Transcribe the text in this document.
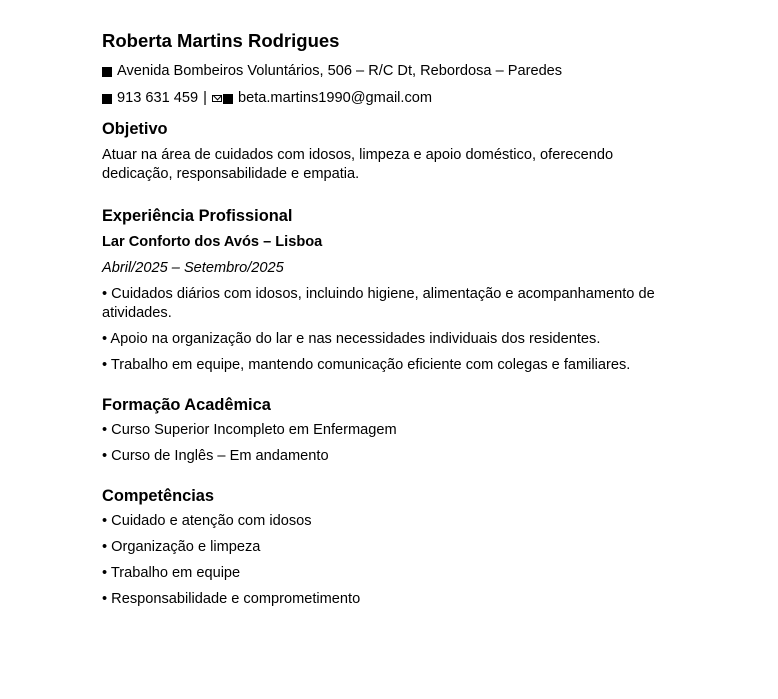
Roberta Martins Rodrigues
Avenida Bombeiros Voluntários, 506 – R/C Dt, Rebordosa – Paredes
913 631 459 | beta.martins1990@gmail.com
Objetivo
Atuar na área de cuidados com idosos, limpeza e apoio doméstico, oferecendo dedicação, responsabilidade e empatia.
Experiência Profissional
Lar Conforto dos Avós – Lisboa
Abril/2025 – Setembro/2025
• Cuidados diários com idosos, incluindo higiene, alimentação e acompanhamento de atividades.
• Apoio na organização do lar e nas necessidades individuais dos residentes.
• Trabalho em equipe, mantendo comunicação eficiente com colegas e familiares.
Formação Acadêmica
• Curso Superior Incompleto em Enfermagem
• Curso de Inglês – Em andamento
Competências
• Cuidado e atenção com idosos
• Organização e limpeza
• Trabalho em equipe
• Responsabilidade e comprometimento
